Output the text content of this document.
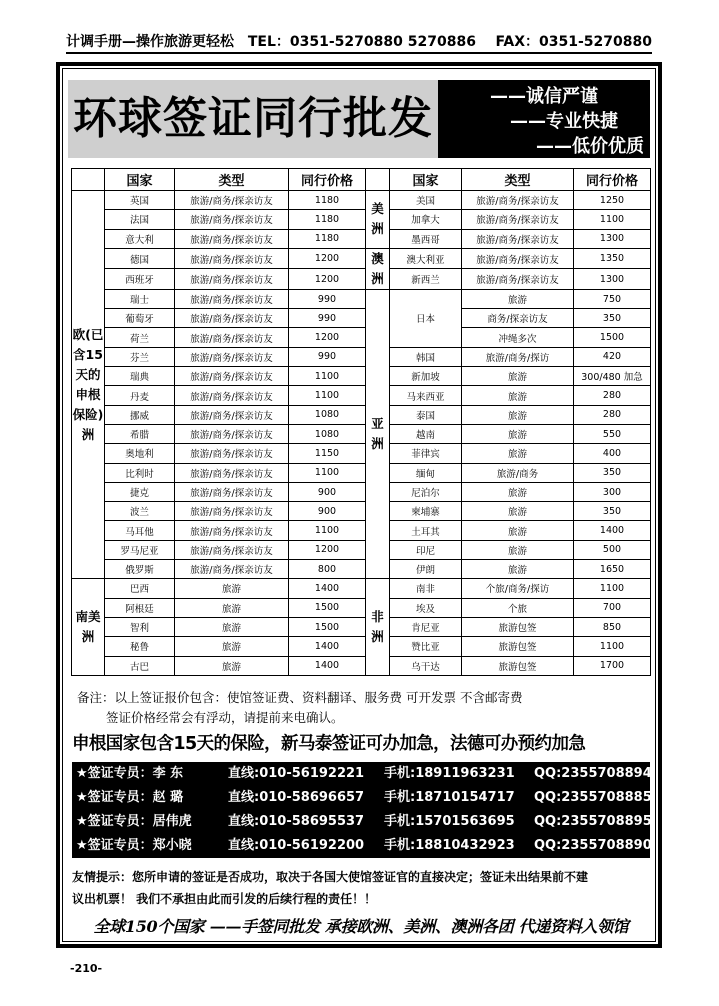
计调手册—操作旅游更轻松 TEL：0351-5270880 5270886 FAX：0351-5270880
环球签证同行批发	——诚信严谨
——专业快捷
——低价优质
	国家	类型	同行价格		国家	类型	同行价格
欧(已含15天的申根保险)洲	英国	旅游/商务/探亲访友	1180	美洲	美国	旅游/商务/探亲访友	1250
	法国	旅游/商务/探亲访友	1180		加拿大	旅游/商务/探亲访友	1100
	意大利	旅游/商务/探亲访友	1180		墨西哥	旅游/商务/探亲访友	1300
	德国	旅游/商务/探亲访友	1200	澳洲	澳大利亚	旅游/商务/探亲访友	1350
	西班牙	旅游/商务/探亲访友	1200		新西兰	旅游/商务/探亲访友	1300
	瑞士	旅游/商务/探亲访友	990	亚洲	日本	旅游	750
	葡萄牙	旅游/商务/探亲访友	990			商务/探亲访友	350
	荷兰	旅游/商务/探亲访友	1200			冲绳多次	1500
	芬兰	旅游/商务/探亲访友	990		韩国	旅游/商务/探访	420
	瑞典	旅游/商务/探亲访友	1100		新加坡	旅游	300/480 加急
	丹麦	旅游/商务/探亲访友	1100		马来西亚	旅游	280
	挪威	旅游/商务/探亲访友	1080		泰国	旅游	280
	希腊	旅游/商务/探亲访友	1080		越南	旅游	550
	奥地利	旅游/商务/探亲访友	1150		菲律宾	旅游	400
	比利时	旅游/商务/探亲访友	1100		缅甸	旅游/商务	350
	捷克	旅游/商务/探亲访友	900		尼泊尔	旅游	300
	波兰	旅游/商务/探亲访友	900		柬埔寨	旅游	350
	马耳他	旅游/商务/探亲访友	1100		土耳其	旅游	1400
	罗马尼亚	旅游/商务/探亲访友	1200		印尼	旅游	500
	俄罗斯	旅游/商务/探亲访友	800		伊朗	旅游	1650
南美洲	巴西	旅游	1400	非洲	南非	个旅/商务/探访	1100
	阿根廷	旅游	1500		埃及	个旅	700
	智利	旅游	1500		肯尼亚	旅游包签	850
	秘鲁	旅游	1400		赞比亚	旅游包签	1100
	古巴	旅游	1400		乌干达	旅游包签	1700
备注：以上签证报价包含：使馆签证费、资料翻译、服务费 可开发票 不含邮寄费
签证价格经常会有浮动，请提前来电确认。
申根国家包含15天的保险，新马泰签证可办加急，法德可办预约加急
★签证专员：李 东	直线:010-56192221 手机:18911963231 QQ:2355708894
★签证专员：赵 璐	直线:010-58696657 手机:18710154717 QQ:2355708885
★签证专员：居伟虎	直线:010-58695537 手机:15701563695 QQ:2355708895
★签证专员：郑小晓	直线:010-56192200 手机:18810432923 QQ:2355708890
友情提示：您所申请的签证是否成功，取决于各国大使馆签证官的直接决定；签证未出结果前不建
议出机票！ 我们不承担由此而引发的后续行程的责任！！
全球150个国家 ——手签同批发 承接欧洲、美洲、澳洲各团 代递资料入领馆
-210-
